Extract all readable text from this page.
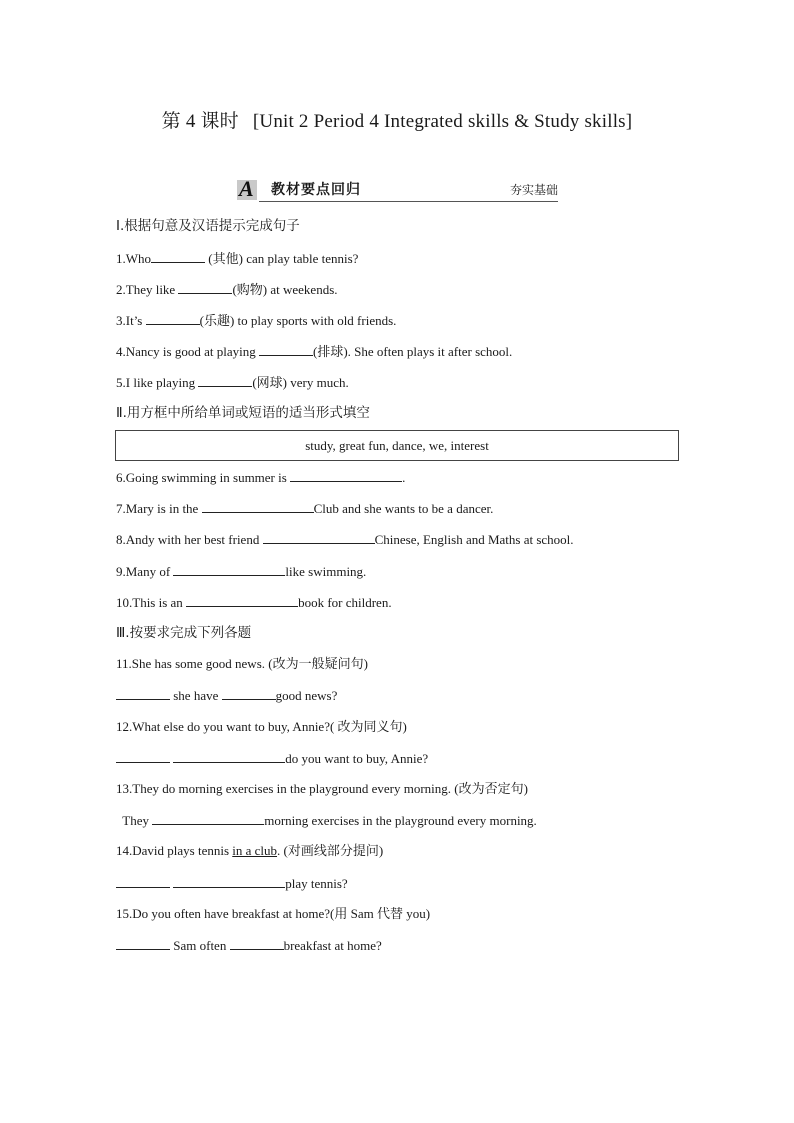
第 4 课时 [Unit 2 Period 4 Integrated skills & Study skills]
A 教材要点回归	夯实基础
Ⅰ.根据句意及汉语提示完成句子
1.Who	(其他) can play table tennis?
2.They like	(购物) at weekends.
3.It’s	(乐趣) to play sports with old friends.
4.Nancy is good at playing	(排球). She often plays it after school.
5.I like playing	(网球) very much.
Ⅱ.用方框中所给单词或短语的适当形式填空
study, great fun, dance, we, interest
6.Going swimming in summer is	.
7.Mary is in the	Club and she wants to be a dancer.
8.Andy with her best friend	Chinese, English and Maths at school.
9.Many of	like swimming.
10.This is an	book for children.
Ⅲ.按要求完成下列各题
11.She has some good news. (改为一般疑问句)
she have	good news?
12.What else do you want to buy, Annie?( 改为同义句)
do you want to buy, Annie?
13.They do morning exercises in the playground every morning. (改为否定句)
They	morning exercises in the playground every morning.
14.David plays tennis in a club. (对画线部分提问)
play tennis?
15.Do you often have breakfast at home?(用 Sam 代替 you)
Sam often	breakfast at home?
